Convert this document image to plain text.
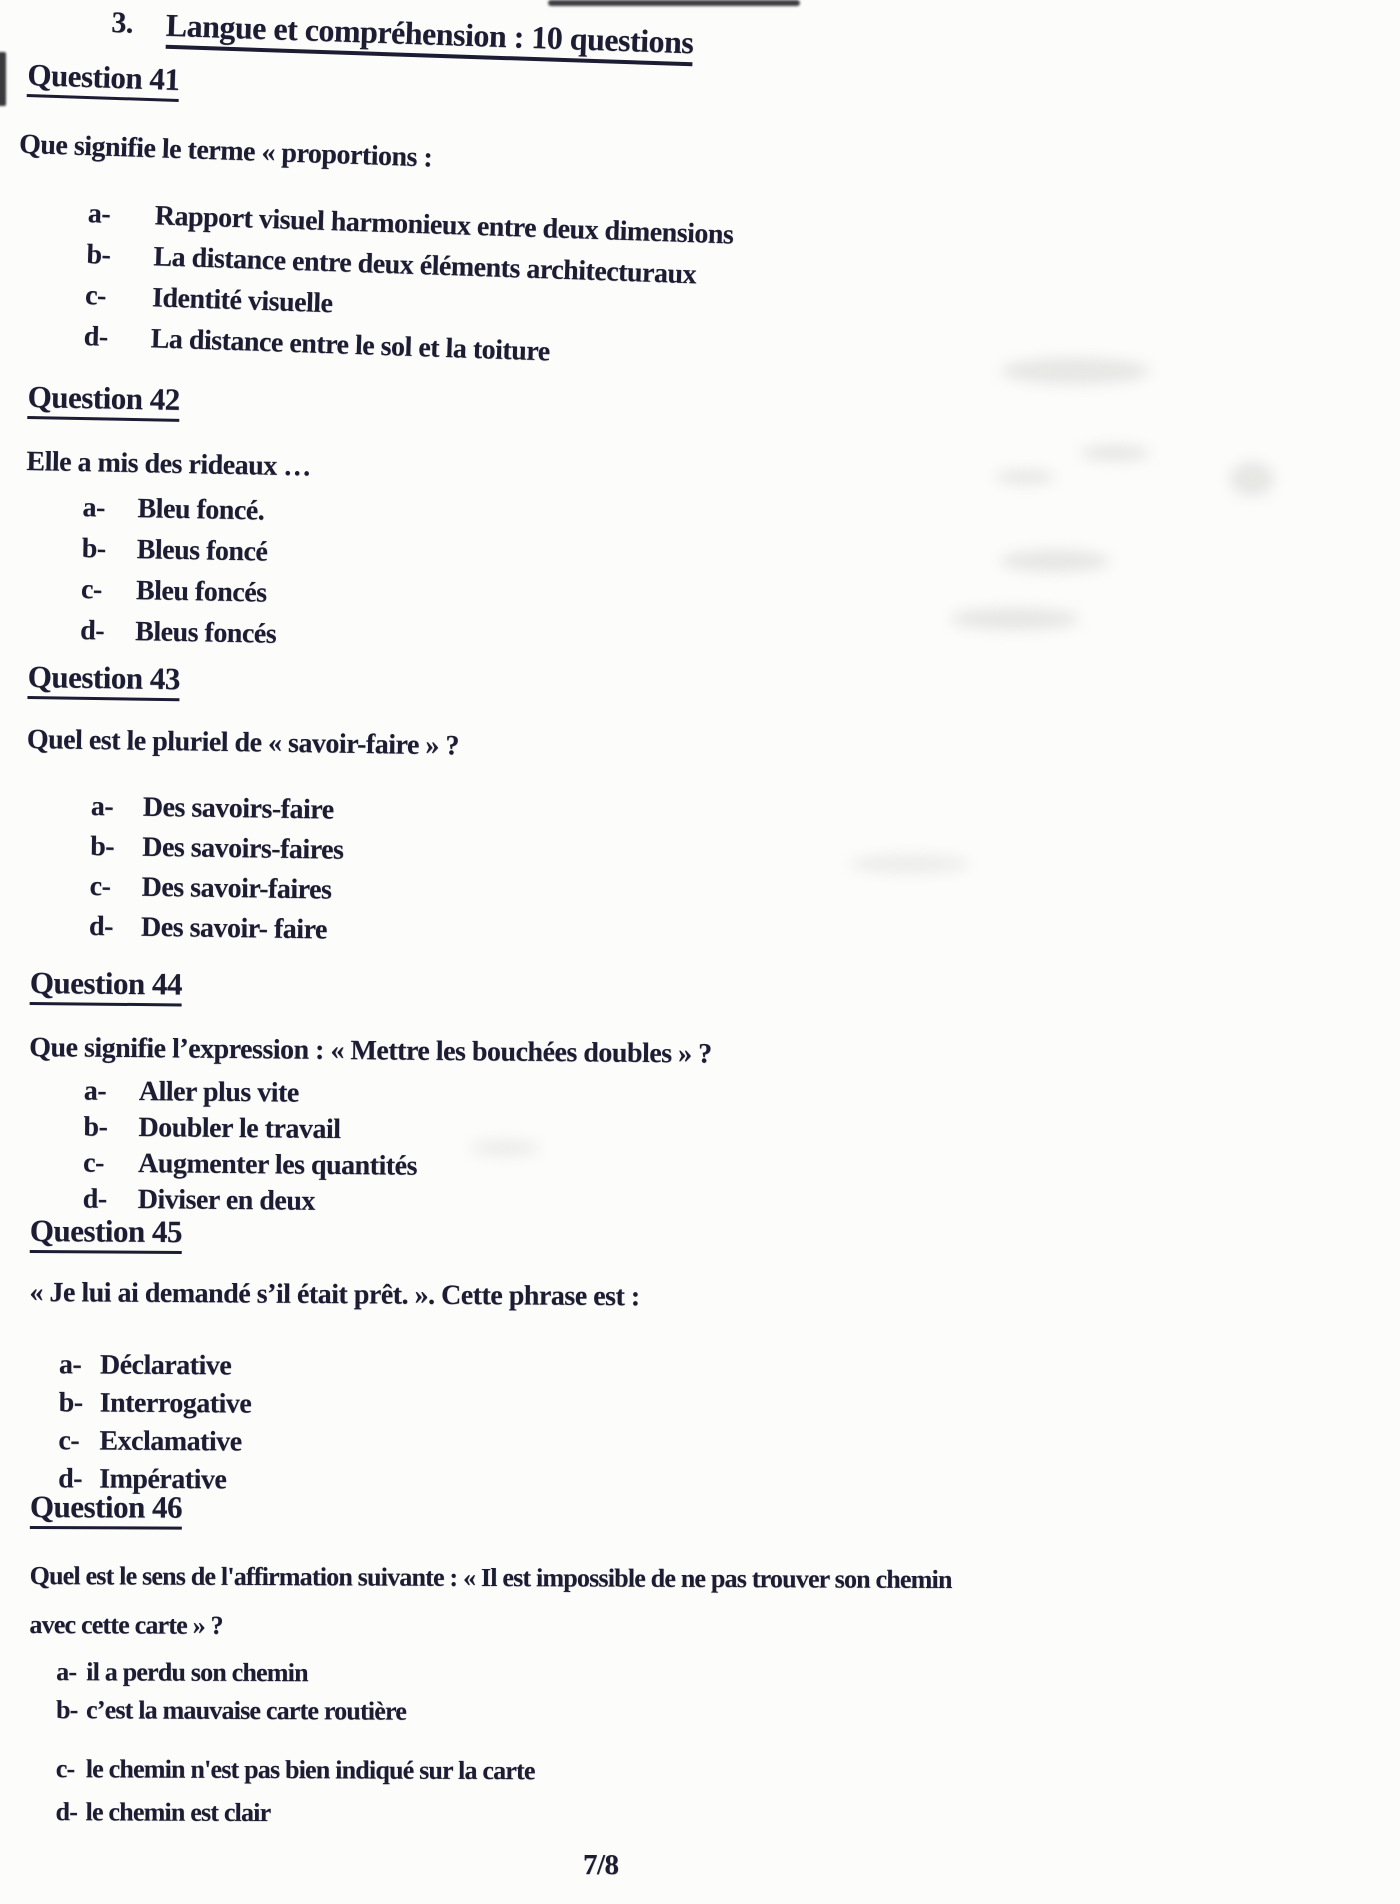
3. Langue et compréhension : 10 questions
Question 41

Que signifie le terme « proportions :

a- Rapport visuel harmonieux entre deux dimensions
b- La distance entre deux éléments architecturaux
c- Identité visuelle
d- La distance entre le sol et la toiture
Question 42

Elle a mis des rideaux …

a- Bleu foncé.
b- Bleus foncé
c- Bleu foncés
d- Bleus foncés
Question 43

Quel est le pluriel de « savoir-faire » ?

a- Des savoirs-faire
b- Des savoirs-faires
c- Des savoir-faires
d- Des savoir- faire
Question 44

Que signifie l’expression : « Mettre les bouchées doubles » ?

a- Aller plus vite
b- Doubler le travail
c- Augmenter les quantités
d- Diviser en deux
Question 45

« Je lui ai demandé s’il était prêt. ». Cette phrase est :

a- Déclarative
b- Interrogative
c- Exclamative
d- Impérative
Question 46

Quel est le sens de l'affirmation suivante : « Il est impossible de ne pas trouver son chemin
avec cette carte » ?

a- il a perdu son chemin
b- c’est la mauvaise carte routière
c- le chemin n'est pas bien indiqué sur la carte
d- le chemin est clair
7/8
